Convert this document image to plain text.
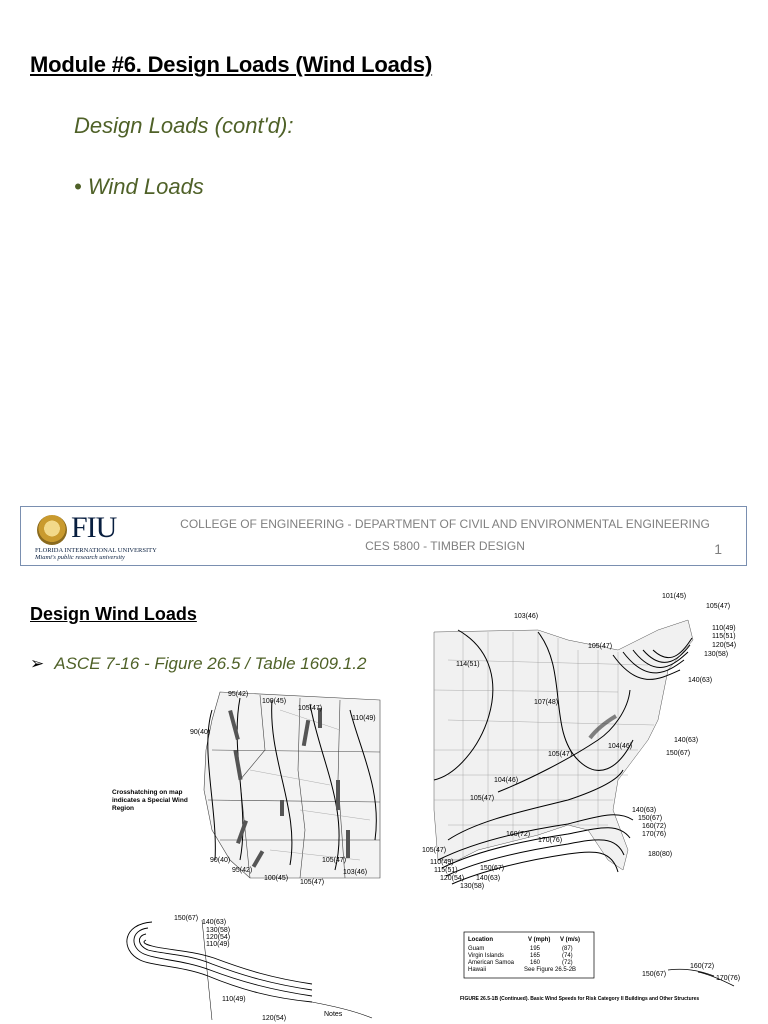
Module #6. Design Loads (Wind Loads)
Design Loads (cont'd):
• Wind Loads
FIU
FLORIDA INTERNATIONAL UNIVERSITY
Miami's public research university
COLLEGE OF ENGINEERING - DEPARTMENT OF CIVIL AND ENVIRONMENTAL ENGINEERING
CES 5800 - TIMBER DESIGN	1
Design Wind Loads
➢ ASCE 7-16 - Figure 26.5 / Table 1609.1.2
95(42)
100(45)
105(47)
110(49)
90(40)
90(40)
95(42)
100(45)
105(47)
105(47)
103(46)
Crosshatching on map indicates a Special Wind Region
150(67)
140(63)
130(58)
120(54)
110(49)
110(49)
120(54)
Notes
101(45)
105(47)
103(46)
105(47)
110(49)
115(51)
120(54)
130(58)
114(51)
107(48)
140(63)
140(63)
150(67)
104(46)
105(47)
104(46)
105(47)
140(63)
150(67)
160(72)
170(76)
160(72)
170(76)
180(80)
105(47)
110(49)
115(51)
120(54)
130(58)
150(67)
140(63)
Location	V (mph) V (m/s)
Guam	195	(87)
Virgin Islands	165	(74)
American Samoa	160	(72)
Hawaii	See Figure 26.5-2B
150(67)
160(72)
170(76)
FIGURE 26.5-1B (Continued). Basic Wind Speeds for Risk Category II Buildings and Other Structures
